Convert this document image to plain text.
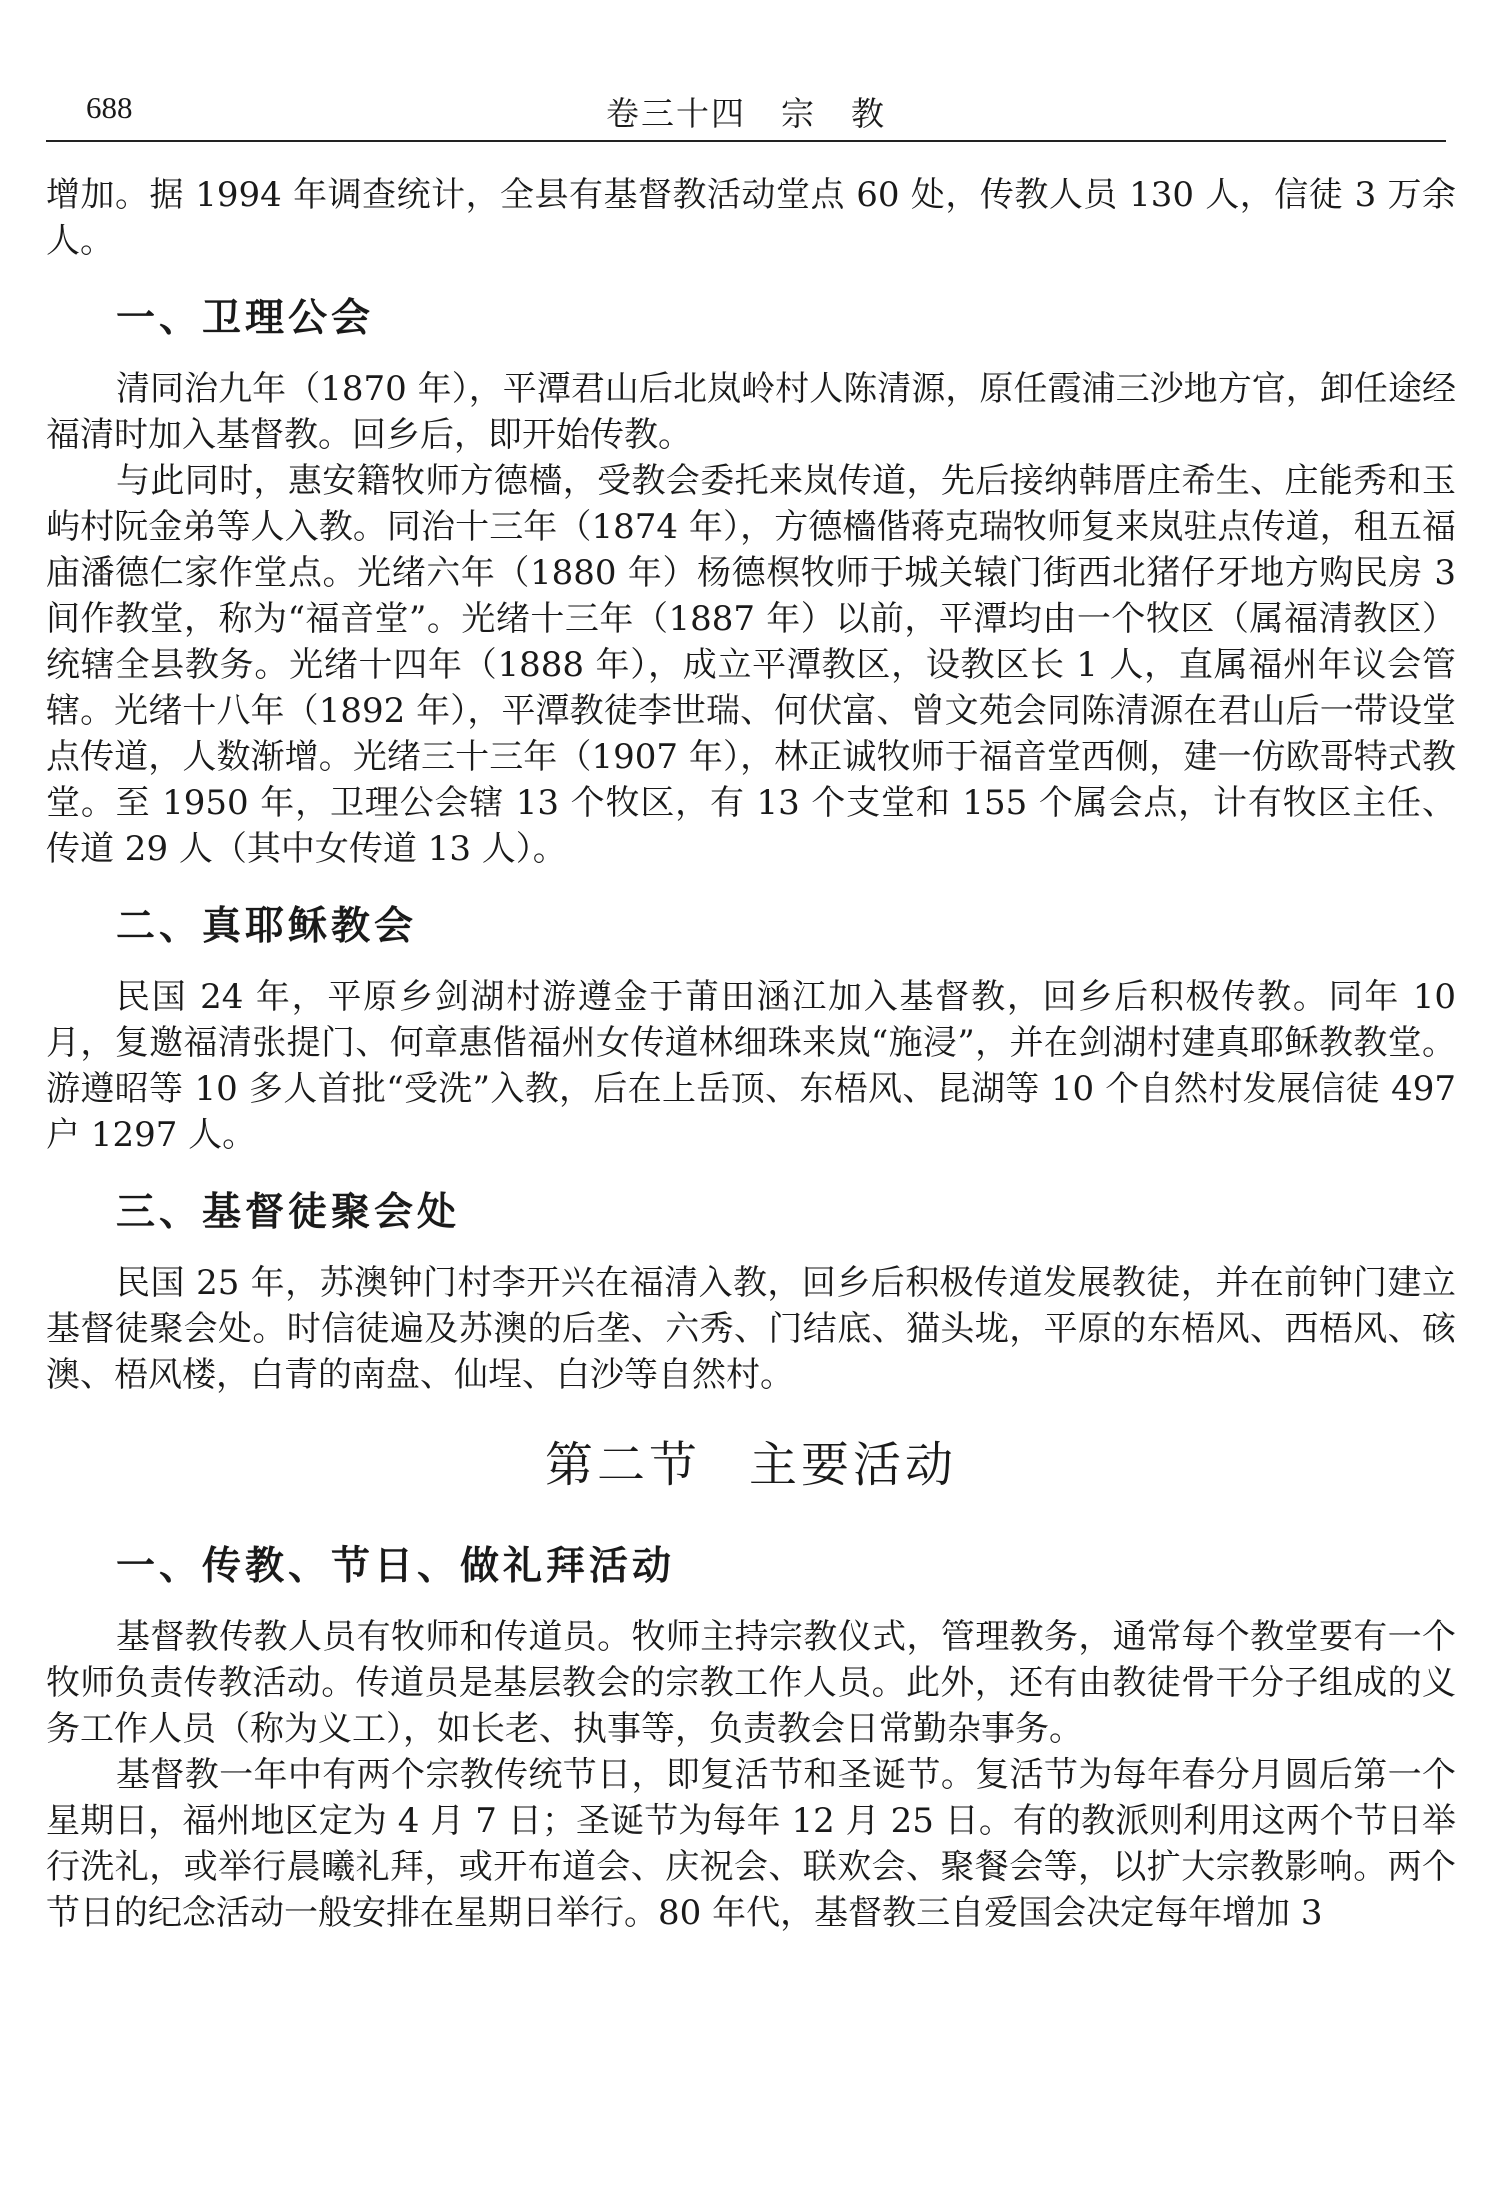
688	卷三十四　宗　教

增加。据 1994 年调查统计，全县有基督教活动堂点 60 处，传教人员 130 人，信徒 3 万余人。

一、卫理公会

清同治九年（1870 年），平潭君山后北岚岭村人陈清源，原任霞浦三沙地方官，卸任途经福清时加入基督教。回乡后，即开始传教。

与此同时，惠安籍牧师方德檣，受教会委托来岚传道，先后接纳韩厝庄希生、庄能秀和玉屿村阮金弟等人入教。同治十三年（1874 年），方德檣偕蒋克瑞牧师复来岚驻点传道，租五福庙潘德仁家作堂点。光绪六年（1880 年）杨德榠牧师于城关辕门街西北猪仔牙地方购民房 3 间作教堂，称为“福音堂”。光绪十三年（1887 年）以前，平潭均由一个牧区（属福清教区）统辖全县教务。光绪十四年（1888 年），成立平潭教区，设教区长 1 人，直属福州年议会管辖。光绪十八年（1892 年），平潭教徒李世瑞、何伏富、曾文苑会同陈清源在君山后一带设堂点传道，人数渐增。光绪三十三年（1907 年），林正诚牧师于福音堂西侧，建一仿欧哥特式教堂。至 1950 年，卫理公会辖 13 个牧区，有 13 个支堂和 155 个属会点，计有牧区主任、传道 29 人（其中女传道 13 人）。

二、真耶稣教会

民国 24 年，平原乡剑湖村游遵金于莆田涵江加入基督教，回乡后积极传教。同年 10 月，复邀福清张提门、何章惠偕福州女传道林细珠来岚“施浸”，并在剑湖村建真耶稣教教堂。游遵昭等 10 多人首批“受洗”入教，后在上岳顶、东梧风、昆湖等 10 个自然村发展信徒 497 户 1297 人。

三、基督徒聚会处

民国 25 年，苏澳钟门村李开兴在福清入教，回乡后积极传道发展教徒，并在前钟门建立基督徒聚会处。时信徒遍及苏澳的后垄、六秀、门结底、猫头垅，平原的东梧风、西梧风、硋澳、梧风楼，白青的南盘、仙埕、白沙等自然村。

第二节 主要活动
一、传教、节日、做礼拜活动

基督教传教人员有牧师和传道员。牧师主持宗教仪式，管理教务，通常每个教堂要有一个牧师负责传教活动。传道员是基层教会的宗教工作人员。此外，还有由教徒骨干分子组成的义务工作人员（称为义工），如长老、执事等，负责教会日常勤杂事务。

基督教一年中有两个宗教传统节日，即复活节和圣诞节。复活节为每年春分月圆后第一个星期日，福州地区定为 4 月 7 日；圣诞节为每年 12 月 25 日。有的教派则利用这两个节日举行洗礼，或举行晨曦礼拜，或开布道会、庆祝会、联欢会、聚餐会等，以扩大宗教影响。两个节日的纪念活动一般安排在星期日举行。80 年代，基督教三自爱国会决定每年增加 3
